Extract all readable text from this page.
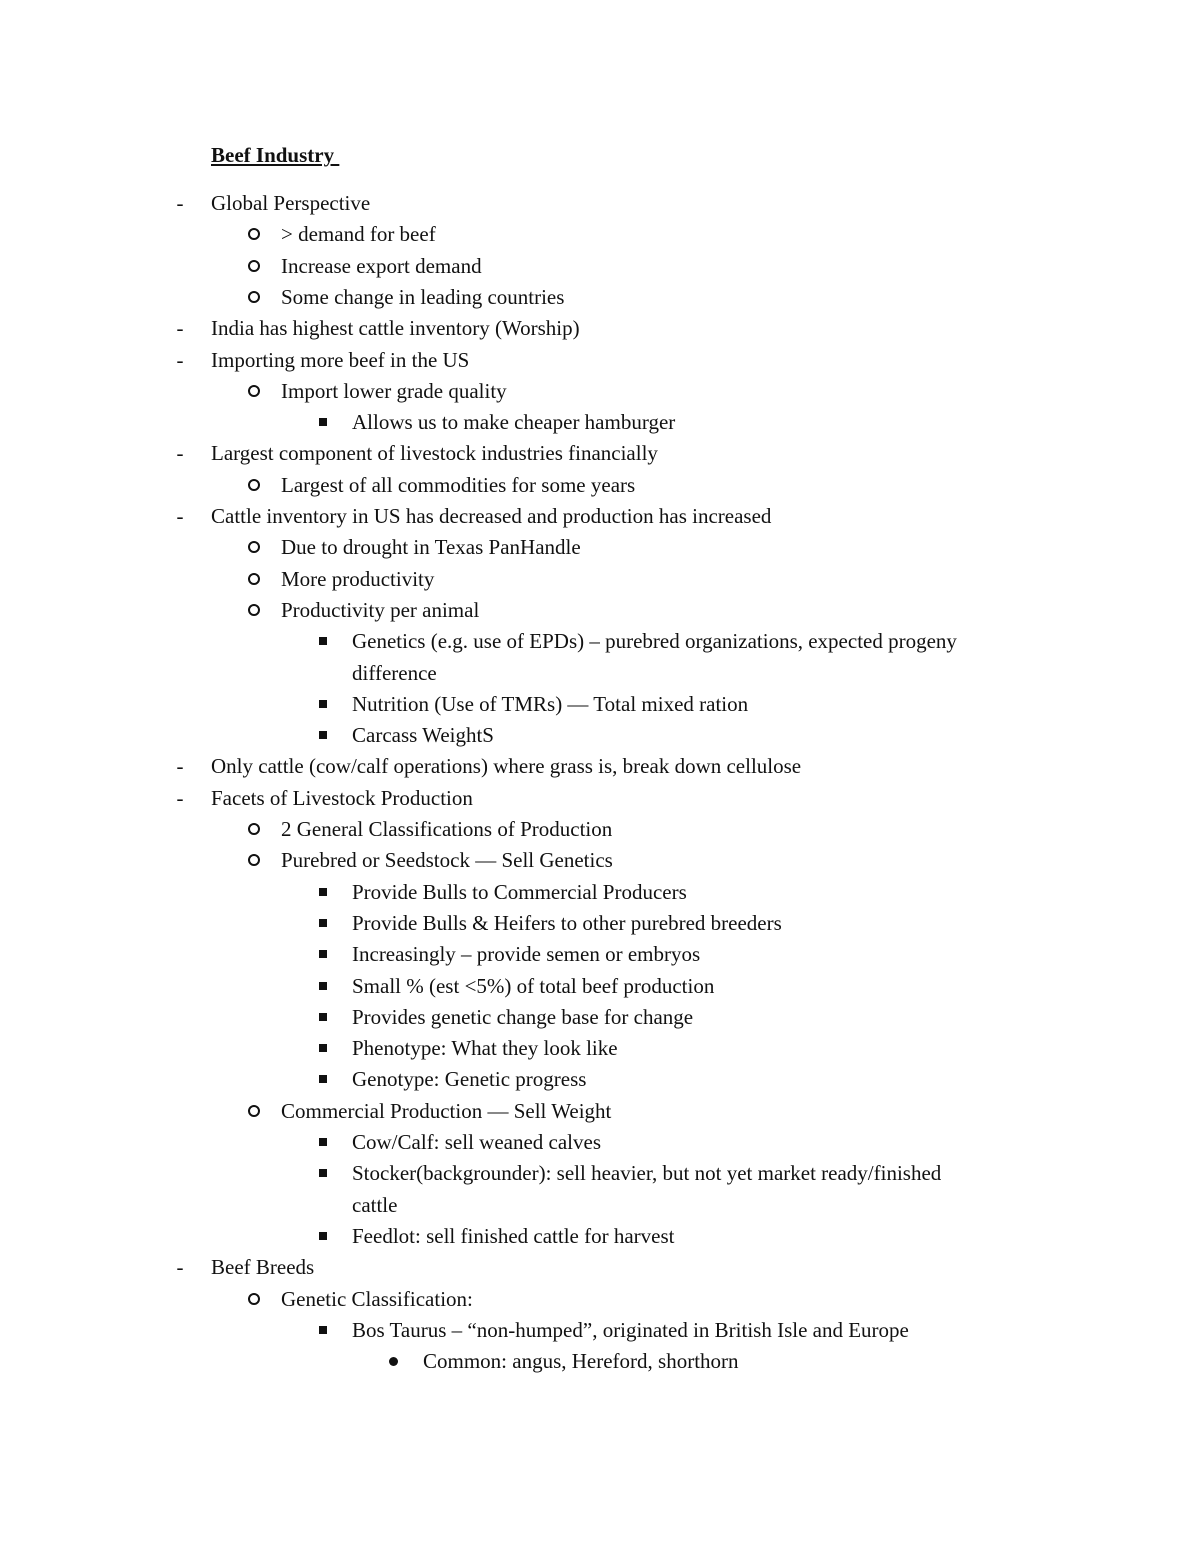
Beef Industry
Global Perspective
-
> demand for beef
Increase export demand
Some change in leading countries
India has highest cattle inventory (Worship)
-
Importing more beef in the US
-
Import lower grade quality
Allows us to make cheaper hamburger
Largest component of livestock industries financially
-
Largest of all commodities for some years
Cattle inventory in US has decreased and production has increased
-
Due to drought in Texas PanHandle
More productivity
Productivity per animal
Genetics (e.g. use of EPDs) – purebred organizations, expected progeny
difference
Nutrition (Use of TMRs) — Total mixed ration
Carcass WeightS
Only cattle (cow/calf operations) where grass is, break down cellulose
-
Facets of Livestock Production
-
2 General Classifications of Production
Purebred or Seedstock — Sell Genetics
Provide Bulls to Commercial Producers
Provide Bulls & Heifers to other purebred breeders
Increasingly – provide semen or embryos
Small % (est <5%) of total beef production
Provides genetic change base for change
Phenotype: What they look like
Genotype: Genetic progress
Commercial Production — Sell Weight
Cow/Calf: sell weaned calves
Stocker(backgrounder): sell heavier, but not yet market ready/finished
cattle
Feedlot: sell finished cattle for harvest
Beef Breeds
-
Genetic Classification:
Bos Taurus – “non-humped”, originated in British Isle and Europe
Common: angus, Hereford, shorthorn
